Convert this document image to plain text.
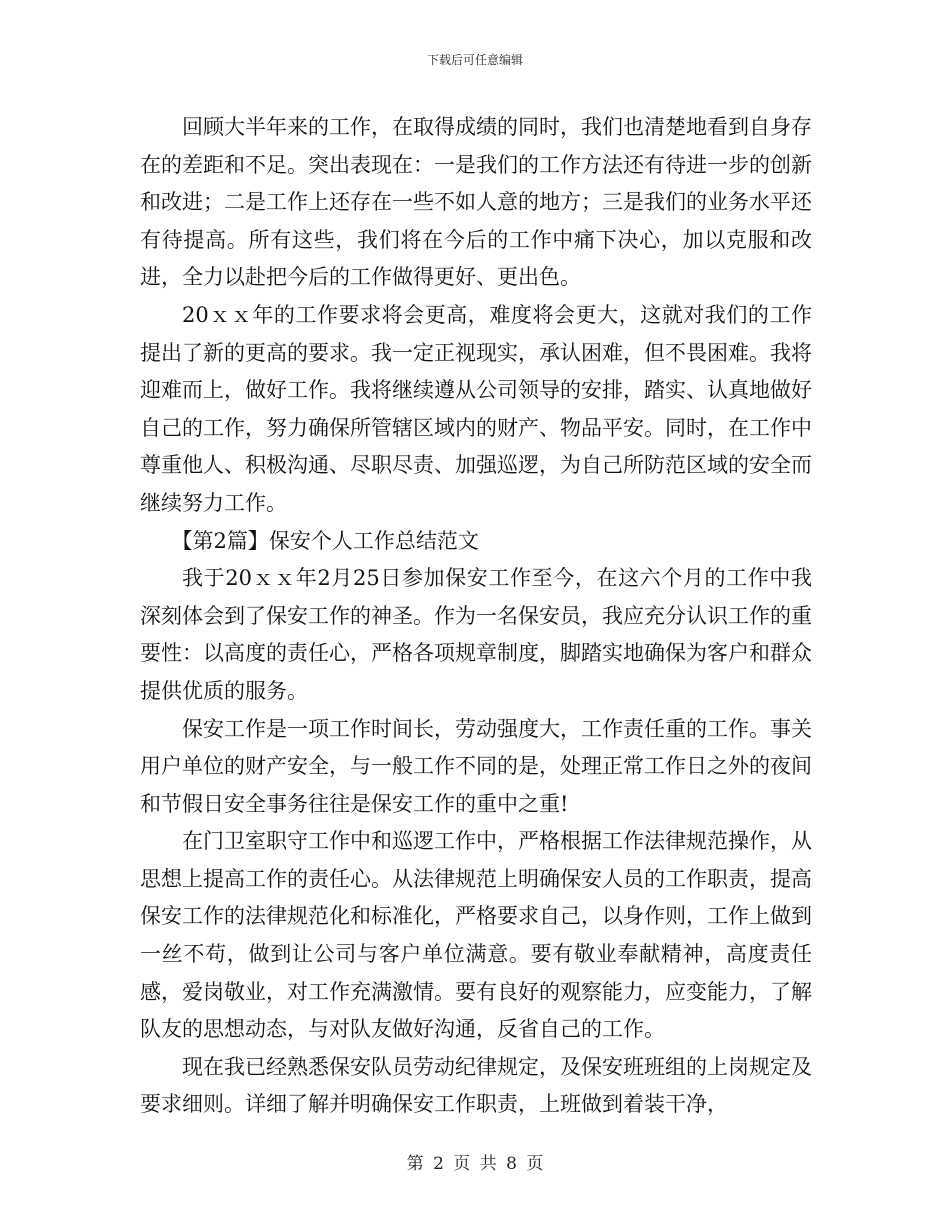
下载后可任意编辑

回顾大半年来的工作，在取得成绩的同时，我们也清楚地看到自身存在的差距和不足。突出表现在：一是我们的工作方法还有待进一步的创新和改进；二是工作上还存在一些不如人意的地方；三是我们的业务水平还有待提高。所有这些，我们将在今后的工作中痛下决心，加以克服和改进，全力以赴把今后的工作做得更好、更出色。

20ｘｘ年的工作要求将会更高，难度将会更大，这就对我们的工作提出了新的更高的要求。我一定正视现实，承认困难，但不畏困难。我将迎难而上，做好工作。我将继续遵从公司领导的安排，踏实、认真地做好自己的工作，努力确保所管辖区域内的财产、物品平安。同时，在工作中尊重他人、积极沟通、尽职尽责、加强巡逻，为自己所防范区域的安全而继续努力工作。

【第2篇】保安个人工作总结范文

我于20ｘｘ年2月25日参加保安工作至今，在这六个月的工作中我深刻体会到了保安工作的神圣。作为一名保安员，我应充分认识工作的重要性：以高度的责任心，严格各项规章制度，脚踏实地确保为客户和群众提供优质的服务。

保安工作是一项工作时间长，劳动强度大，工作责任重的工作。事关用户单位的财产安全，与一般工作不同的是，处理正常工作日之外的夜间和节假日安全事务往往是保安工作的重中之重!

在门卫室职守工作中和巡逻工作中，严格根据工作法律规范操作，从思想上提高工作的责任心。从法律规范上明确保安人员的工作职责，提高保安工作的法律规范化和标准化，严格要求自己，以身作则，工作上做到一丝不苟，做到让公司与客户单位满意。要有敬业奉献精神，高度责任感，爱岗敬业，对工作充满激情。要有良好的观察能力，应变能力，了解队友的思想动态，与对队友做好沟通，反省自己的工作。

现在我已经熟悉保安队员劳动纪律规定，及保安班班组的上岗规定及要求细则。详细了解并明确保安工作职责，上班做到着装干净，

第 2 页 共 8 页
